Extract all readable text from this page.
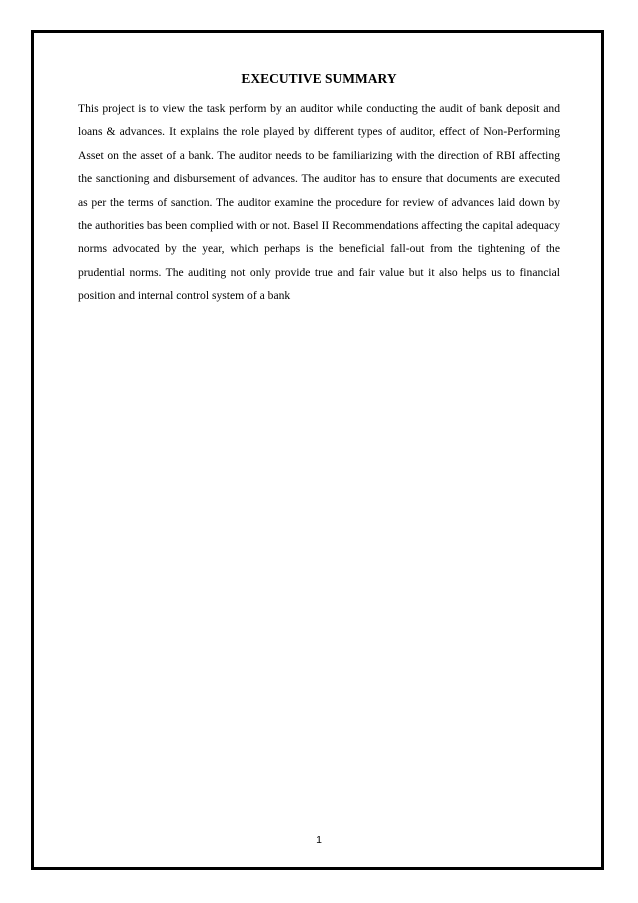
EXECUTIVE SUMMARY

This project is to view the task perform by an auditor while conducting the audit of bank deposit and loans & advances. It explains the role played by different types of auditor, effect of Non-Performing Asset on the asset of a bank. The auditor needs to be familiarizing with the direction of RBI affecting the sanctioning and disbursement of advances. The auditor has to ensure that documents are executed as per the terms of sanction. The auditor examine the procedure for review of advances laid down by the authorities bas been complied with or not. Basel II Recommendations affecting the capital adequacy norms advocated by the year, which perhaps is the beneficial fall-out from the tightening of the prudential norms. The auditing not only provide true and fair value but it also helps us to financial position and internal control system of a bank

1
